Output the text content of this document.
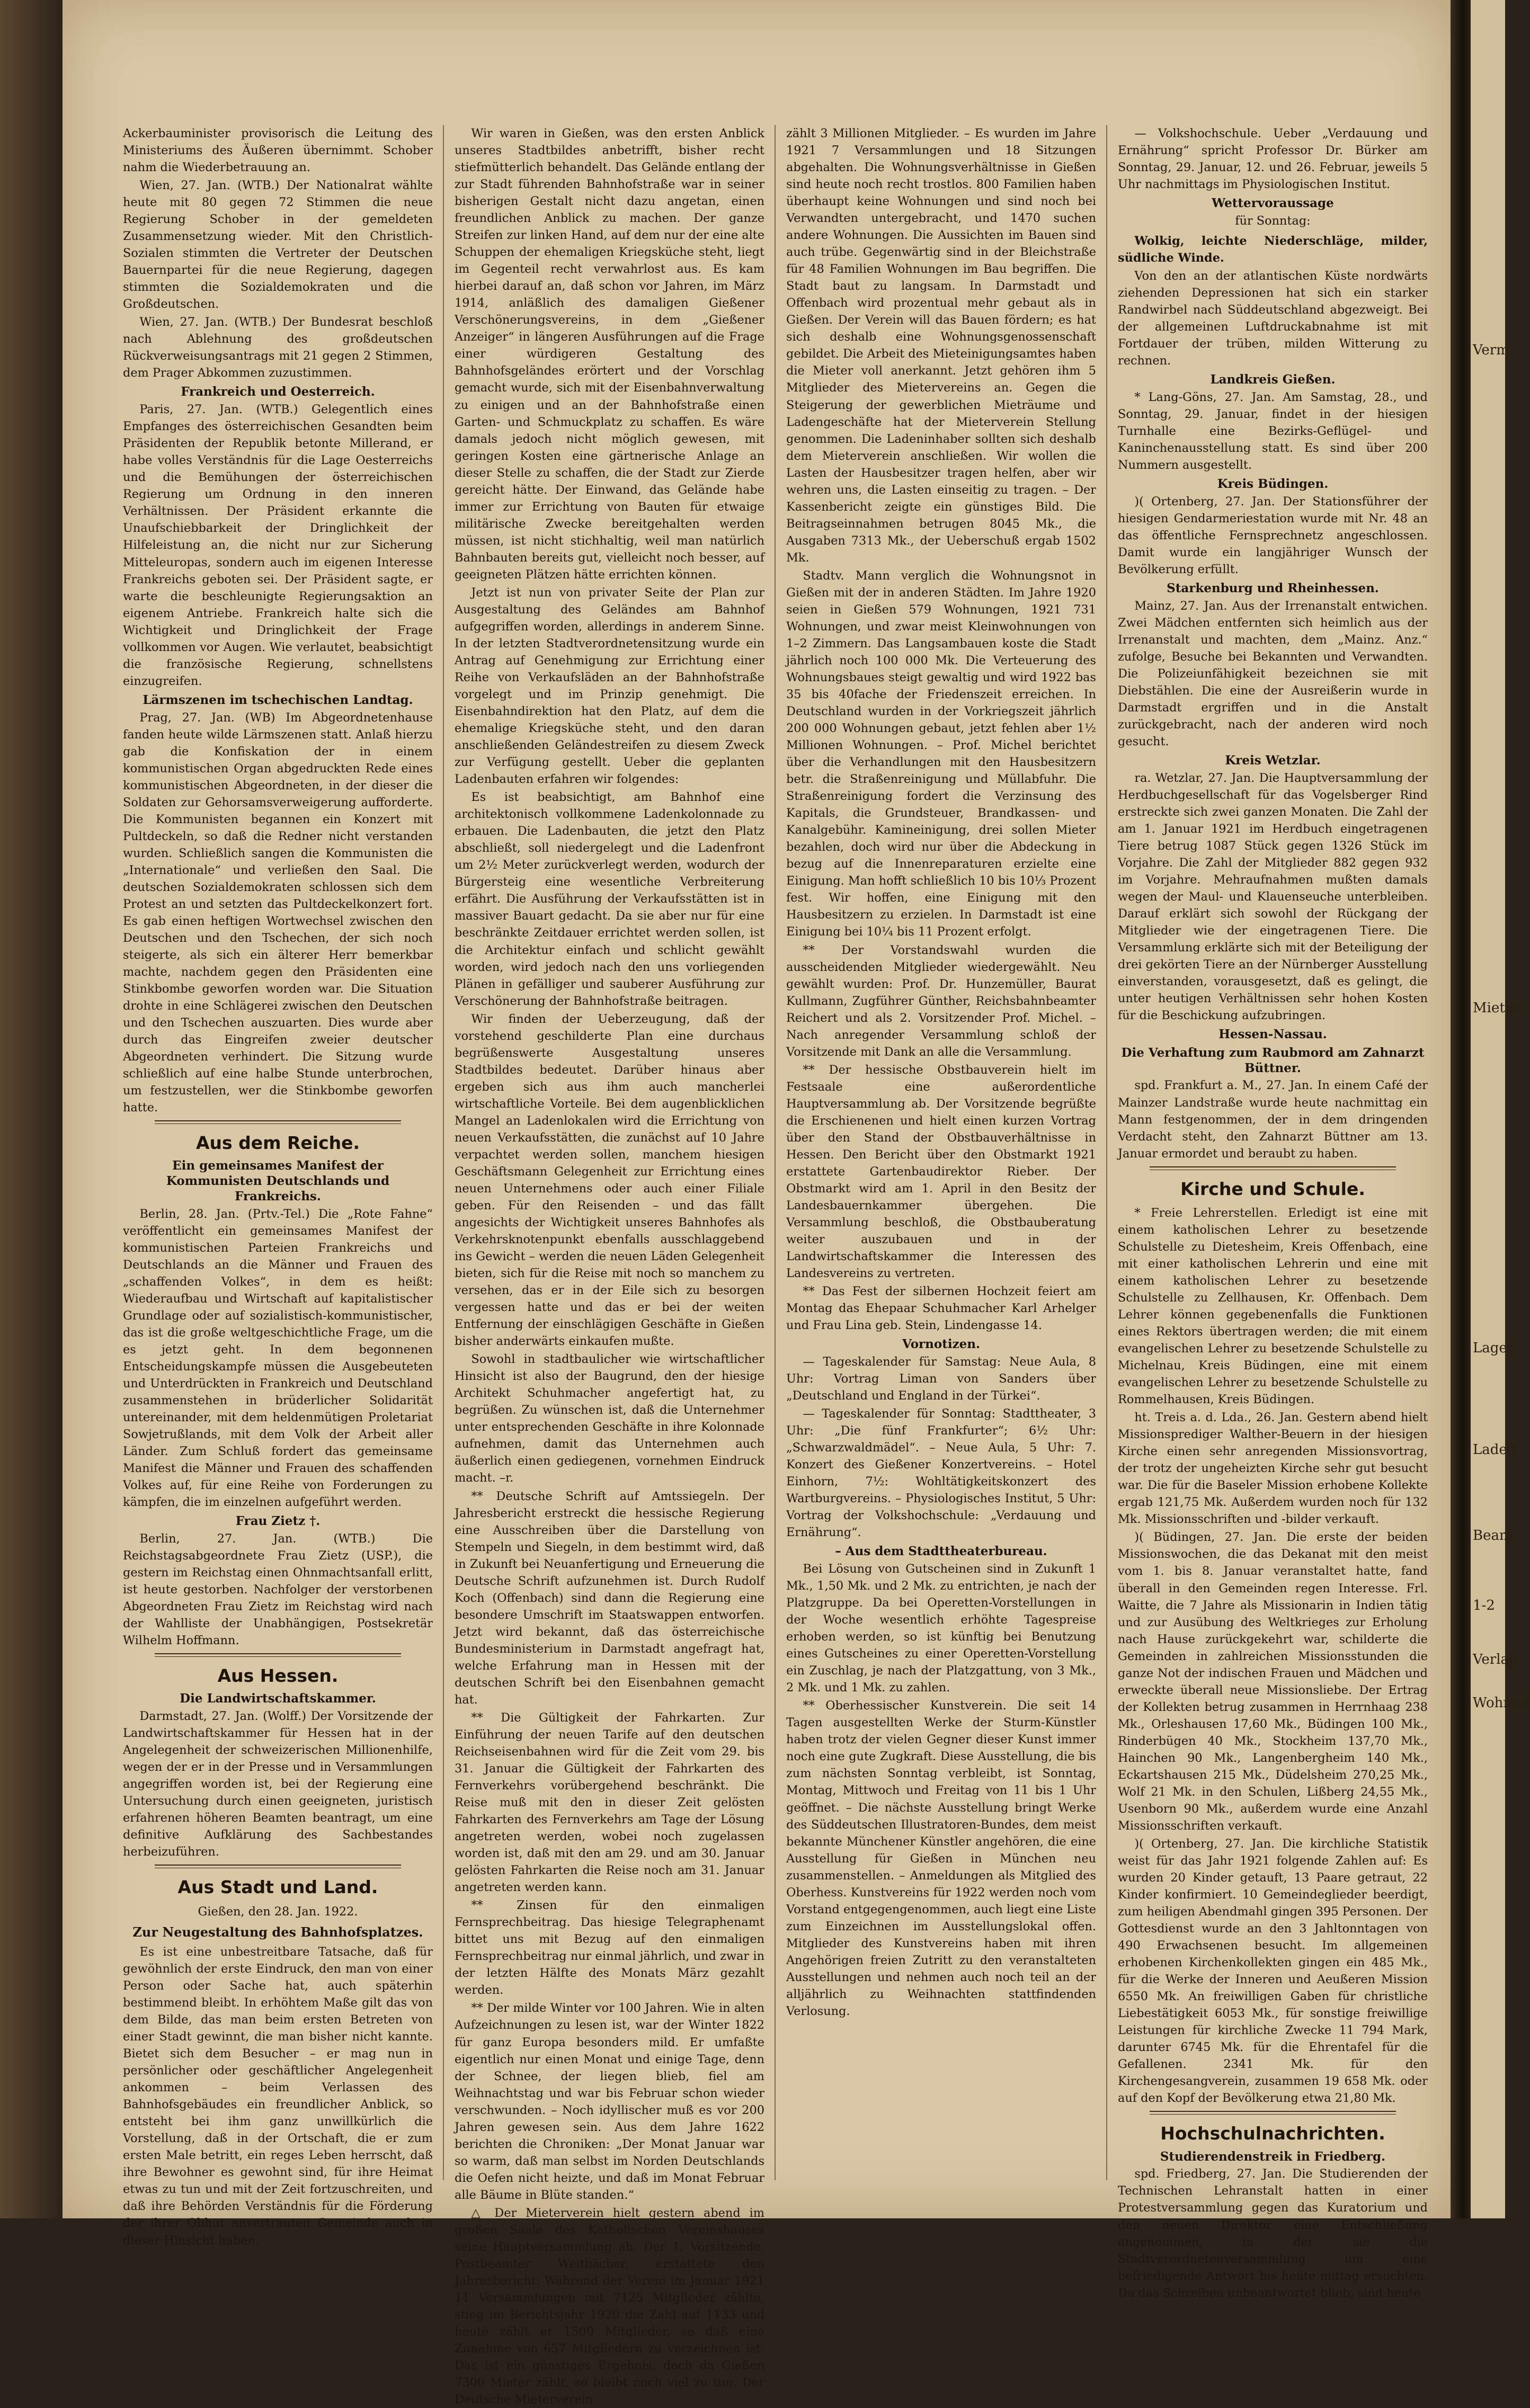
Verm
Mietge
Lager
Laden
Beam
1-2
Verlag
Wohnun

Ackerbauminister provisorisch die Leitung des Ministeriums des Äußeren übernimmt. Schober nahm die Wiederbetrauung an.

Wien, 27. Jan. (WTB.) Der Nationalrat wählte heute mit 80 gegen 72 Stimmen die neue Regierung Schober in der gemeldeten Zusammensetzung wieder. Mit den Christlich-Sozialen stimmten die Vertreter der Deutschen Bauernpartei für die neue Regierung, dagegen stimmten die Sozialdemokraten und die Großdeutschen.

Wien, 27. Jan. (WTB.) Der Bundesrat beschloß nach Ablehnung des großdeutschen Rückverweisungsantrags mit 21 gegen 2 Stimmen, dem Prager Abkommen zuzustimmen.

Frankreich und Oesterreich.

Paris, 27. Jan. (WTB.) Gelegentlich eines Empfanges des österreichischen Gesandten beim Präsidenten der Republik betonte Millerand, er habe volles Verständnis für die Lage Oesterreichs und die Bemühungen der österreichischen Regierung um Ordnung in den inneren Verhältnissen. Der Präsident erkannte die Unaufschiebbarkeit der Dringlichkeit der Hilfeleistung an, die nicht nur zur Sicherung Mitteleuropas, sondern auch im eigenen Interesse Frankreichs geboten sei. Der Präsident sagte, er warte die beschleunigte Regierungsaktion an eigenem Antriebe. Frankreich halte sich die Wichtigkeit und Dringlichkeit der Frage vollkommen vor Augen. Wie verlautet, beabsichtigt die französische Regierung, schnellstens einzugreifen.

Lärmszenen im tschechischen Landtag.

Prag, 27. Jan. (WB) Im Abgeordnetenhause fanden heute wilde Lärmszenen statt. Anlaß hierzu gab die Konfiskation der in einem kommunistischen Organ abgedruckten Rede eines kommunistischen Abgeordneten, in der dieser die Soldaten zur Gehorsamsverweigerung aufforderte. Die Kommunisten begannen ein Konzert mit Pultdeckeln, so daß die Redner nicht verstanden wurden. Schließlich sangen die Kommunisten die „Internationale“ und verließen den Saal. Die deutschen Sozialdemokraten schlossen sich dem Protest an und setzten das Pultdeckelkonzert fort. Es gab einen heftigen Wortwechsel zwischen den Deutschen und den Tschechen, der sich noch steigerte, als sich ein älterer Herr bemerkbar machte, nachdem gegen den Präsidenten eine Stinkbombe geworfen worden war. Die Situation drohte in eine Schlägerei zwischen den Deutschen und den Tschechen auszuarten. Dies wurde aber durch das Eingreifen zweier deutscher Abgeordneten verhindert. Die Sitzung wurde schließlich auf eine halbe Stunde unterbrochen, um festzustellen, wer die Stinkbombe geworfen hatte.

Aus dem Reiche.
Ein gemeinsames Manifest der Kommunisten Deutschlands und Frankreichs.

Berlin, 28. Jan. (Prtv.-Tel.) Die „Rote Fahne“ veröffentlicht ein gemeinsames Manifest der kommunistischen Parteien Frankreichs und Deutschlands an die Männer und Frauen des „schaffenden Volkes“, in dem es heißt: Wiederaufbau und Wirtschaft auf kapitalistischer Grundlage oder auf sozialistisch-kommunistischer, das ist die große weltgeschichtliche Frage, um die es jetzt geht. In dem begonnenen Entscheidungskampfe müssen die Ausgebeuteten und Unterdrückten in Frankreich und Deutschland zusammenstehen in brüderlicher Solidarität untereinander, mit dem heldenmütigen Proletariat Sowjetrußlands, mit dem Volk der Arbeit aller Länder. Zum Schluß fordert das gemeinsame Manifest die Männer und Frauen des schaffenden Volkes auf, für eine Reihe von Forderungen zu kämpfen, die im einzelnen aufgeführt werden.

Frau Zietz †.

Berlin, 27. Jan. (WTB.) Die Reichstagsabgeordnete Frau Zietz (USP.), die gestern im Reichstag einen Ohnmachtsanfall erlitt, ist heute gestorben. Nachfolger der verstorbenen Abgeordneten Frau Zietz im Reichstag wird nach der Wahlliste der Unabhängigen, Postsekretär Wilhelm Hoffmann.

Aus Hessen.
Die Landwirtschaftskammer.

Darmstadt, 27. Jan. (Wolff.) Der Vorsitzende der Landwirtschaftskammer für Hessen hat in der Angelegenheit der schweizerischen Millionenhilfe, wegen der er in der Presse und in Versammlungen angegriffen worden ist, bei der Regierung eine Untersuchung durch einen geeigneten, juristisch erfahrenen höheren Beamten beantragt, um eine definitive Aufklärung des Sachbestandes herbeizuführen.

Aus Stadt und Land.
Gießen, den 28. Jan. 1922.
Zur Neugestaltung des Bahnhofsplatzes.

Es ist eine unbestreitbare Tatsache, daß für gewöhnlich der erste Eindruck, den man von einer Person oder Sache hat, auch späterhin bestimmend bleibt. In erhöhtem Maße gilt das von dem Bilde, das man beim ersten Betreten von einer Stadt gewinnt, die man bisher nicht kannte. Bietet sich dem Besucher – er mag nun in persönlicher oder geschäftlicher Angelegenheit ankommen – beim Verlassen des Bahnhofsgebäudes ein freundlicher Anblick, so entsteht bei ihm ganz unwillkürlich die Vorstellung, daß in der Ortschaft, die er zum ersten Male betritt, ein reges Leben herrscht, daß ihre Bewohner es gewohnt sind, für ihre Heimat etwas zu tun und mit der Zeit fortzuschreiten, und daß ihre Behörden Verständnis für die Förderung der ihrer Obhut anvertrauten Gemeinde auch in dieser Hinsicht haben.

Wir waren in Gießen, was den ersten Anblick unseres Stadtbildes anbetrifft, bisher recht stiefmütterlich behandelt. Das Gelände entlang der zur Stadt führenden Bahnhofstraße war in seiner bisherigen Gestalt nicht dazu angetan, einen freundlichen Anblick zu machen. Der ganze Streifen zur linken Hand, auf dem nur der eine alte Schuppen der ehemaligen Kriegsküche steht, liegt im Gegenteil recht verwahrlost aus. Es kam hierbei darauf an, daß schon vor Jahren, im März 1914, anläßlich des damaligen Gießener Verschönerungsvereins, in dem „Gießener Anzeiger“ in längeren Ausführungen auf die Frage einer würdigeren Gestaltung des Bahnhofsgeländes erörtert und der Vorschlag gemacht wurde, sich mit der Eisenbahnverwaltung zu einigen und an der Bahnhofstraße einen Garten- und Schmuckplatz zu schaffen. Es wäre damals jedoch nicht möglich gewesen, mit geringen Kosten eine gärtnerische Anlage an dieser Stelle zu schaffen, die der Stadt zur Zierde gereicht hätte. Der Einwand, das Gelände habe immer zur Errichtung von Bauten für etwaige militärische Zwecke bereitgehalten werden müssen, ist nicht stichhaltig, weil man natürlich Bahnbauten bereits gut, vielleicht noch besser, auf geeigneten Plätzen hätte errichten können.

Jetzt ist nun von privater Seite der Plan zur Ausgestaltung des Geländes am Bahnhof aufgegriffen worden, allerdings in anderem Sinne. In der letzten Stadtverordnetensitzung wurde ein Antrag auf Genehmigung zur Errichtung einer Reihe von Verkaufsläden an der Bahnhofstraße vorgelegt und im Prinzip genehmigt. Die Eisenbahndirektion hat den Platz, auf dem die ehemalige Kriegsküche steht, und den daran anschließenden Geländestreifen zu diesem Zweck zur Verfügung gestellt. Ueber die geplanten Ladenbauten erfahren wir folgendes:

Es ist beabsichtigt, am Bahnhof eine architektonisch vollkommene Ladenkolonnade zu erbauen. Die Ladenbauten, die jetzt den Platz abschließt, soll niedergelegt und die Ladenfront um 2½ Meter zurückverlegt werden, wodurch der Bürgersteig eine wesentliche Verbreiterung erfährt. Die Ausführung der Verkaufsstätten ist in massiver Bauart gedacht. Da sie aber nur für eine beschränkte Zeitdauer errichtet werden sollen, ist die Architektur einfach und schlicht gewählt worden, wird jedoch nach den uns vorliegenden Plänen in gefälliger und sauberer Ausführung zur Verschönerung der Bahnhofstraße beitragen.

Wir finden der Ueberzeugung, daß der vorstehend geschilderte Plan eine durchaus begrüßenswerte Ausgestaltung unseres Stadtbildes bedeutet. Darüber hinaus aber ergeben sich aus ihm auch mancherlei wirtschaftliche Vorteile. Bei dem augenblicklichen Mangel an Ladenlokalen wird die Errichtung von neuen Verkaufsstätten, die zunächst auf 10 Jahre verpachtet werden sollen, manchem hiesigen Geschäftsmann Gelegenheit zur Errichtung eines neuen Unternehmens oder auch einer Filiale geben. Für den Reisenden – und das fällt angesichts der Wichtigkeit unseres Bahnhofes als Verkehrsknotenpunkt ebenfalls ausschlaggebend ins Gewicht – werden die neuen Läden Gelegenheit bieten, sich für die Reise mit noch so manchem zu versehen, das er in der Eile sich zu besorgen vergessen hatte und das er bei der weiten Entfernung der einschlägigen Geschäfte in Gießen bisher anderwärts einkaufen mußte.

Sowohl in stadtbaulicher wie wirtschaftlicher Hinsicht ist also der Baugrund, den der hiesige Architekt Schuhmacher angefertigt hat, zu begrüßen. Zu wünschen ist, daß die Unternehmer unter entsprechenden Geschäfte in ihre Kolonnade aufnehmen, damit das Unternehmen auch äußerlich einen gediegenen, vornehmen Eindruck macht. –r.

** Deutsche Schrift auf Amtssiegeln. Der Jahresbericht erstreckt die hessische Regierung eine Ausschreiben über die Darstellung von Stempeln und Siegeln, in dem bestimmt wird, daß in Zukunft bei Neuanfertigung und Erneuerung die Deutsche Schrift aufzunehmen ist. Durch Rudolf Koch (Offenbach) sind dann die Regierung eine besondere Umschrift im Staatswappen entworfen. Jetzt wird bekannt, daß das österreichische Bundesministerium in Darmstadt angefragt hat, welche Erfahrung man in Hessen mit der deutschen Schrift bei den Eisenbahnen gemacht hat.

** Die Gültigkeit der Fahrkarten. Zur Einführung der neuen Tarife auf den deutschen Reichseisenbahnen wird für die Zeit vom 29. bis 31. Januar die Gültigkeit der Fahrkarten des Fernverkehrs vorübergehend beschränkt. Die Reise muß mit den in dieser Zeit gelösten Fahrkarten des Fernverkehrs am Tage der Lösung angetreten werden, wobei noch zugelassen worden ist, daß mit den am 29. und am 30. Januar gelösten Fahrkarten die Reise noch am 31. Januar angetreten werden kann.

** Zinsen für den einmaligen Fernsprechbeitrag. Das hiesige Telegraphenamt bittet uns mit Bezug auf den einmaligen Fernsprechbeitrag nur einmal jährlich, und zwar in der letzten Hälfte des Monats März gezahlt werden.

** Der milde Winter vor 100 Jahren. Wie in alten Aufzeichnungen zu lesen ist, war der Winter 1822 für ganz Europa besonders mild. Er umfaßte eigentlich nur einen Monat und einige Tage, denn der Schnee, der liegen blieb, fiel am Weihnachtstag und war bis Februar schon wieder verschwunden. – Noch idyllischer muß es vor 200 Jahren gewesen sein. Aus dem Jahre 1622 berichten die Chroniken: „Der Monat Januar war so warm, daß man selbst im Norden Deutschlands die Oefen nicht heizte, und daß im Monat Februar alle Bäume in Blüte standen.“

△ Der Mieterverein hielt gestern abend im großen Saale des Katholischen Vereinshauses seine Hauptversammlung ab. Der 1. Vorsitzende, Postbeamter Weitbächer, erstattete den Jahresbericht: Während der Verein im Januar 1921 11 Versammlungen mit 7125 Mitglieder zählte, stieg im Berichtsjahr 1920 die Zahl auf 1133 und heute zählt er 1500 Mitglieder, so daß eine Zunahme von 657 Mitgliedern zu verzeichnen ist. Das ist ein günstiges Ergebnis; doch da Gießen 7300 Mieter zählt, so bleibt noch viel zu tun. Der Deutsche Mieterverein

zählt 3 Millionen Mitglieder. – Es wurden im Jahre 1921 7 Versammlungen und 18 Sitzungen abgehalten. Die Wohnungsverhältnisse in Gießen sind heute noch recht trostlos. 800 Familien haben überhaupt keine Wohnungen und sind noch bei Verwandten untergebracht, und 1470 suchen andere Wohnungen. Die Aussichten im Bauen sind auch trübe. Gegenwärtig sind in der Bleichstraße für 48 Familien Wohnungen im Bau begriffen. Die Stadt baut zu langsam. In Darmstadt und Offenbach wird prozentual mehr gebaut als in Gießen. Der Verein will das Bauen fördern; es hat sich deshalb eine Wohnungsgenossenschaft gebildet. Die Arbeit des Mieteinigungsamtes haben die Mieter voll anerkannt. Jetzt gehören ihm 5 Mitglieder des Mietervereins an. Gegen die Steigerung der gewerblichen Mieträume und Ladengeschäfte hat der Mieterverein Stellung genommen. Die Ladeninhaber sollten sich deshalb dem Mieterverein anschließen. Wir wollen die Lasten der Hausbesitzer tragen helfen, aber wir wehren uns, die Lasten einseitig zu tragen. – Der Kassenbericht zeigte ein günstiges Bild. Die Beitragseinnahmen betrugen 8045 Mk., die Ausgaben 7313 Mk., der Ueberschuß ergab 1502 Mk.

Stadtv. Mann verglich die Wohnungsnot in Gießen mit der in anderen Städten. Im Jahre 1920 seien in Gießen 579 Wohnungen, 1921 731 Wohnungen, und zwar meist Kleinwohnungen von 1–2 Zimmern. Das Langsambauen koste die Stadt jährlich noch 100 000 Mk. Die Verteuerung des Wohnungsbaues steigt gewaltig und wird 1922 bas 35 bis 40fache der Friedenszeit erreichen. In Deutschland wurden in der Vorkriegszeit jährlich 200 000 Wohnungen gebaut, jetzt fehlen aber 1½ Millionen Wohnungen. – Prof. Michel berichtet über die Verhandlungen mit den Hausbesitzern betr. die Straßenreinigung und Müllabfuhr. Die Straßenreinigung fordert die Verzinsung des Kapitals, die Grundsteuer, Brandkassen- und Kanalgebühr. Kamineinigung, drei sollen Mieter bezahlen, doch wird nur über die Abdeckung in bezug auf die Innenreparaturen erzielte eine Einigung. Man hofft schließlich 10 bis 10⅓ Prozent fest. Wir hoffen, eine Einigung mit den Hausbesitzern zu erzielen. In Darmstadt ist eine Einigung bei 10¼ bis 11 Prozent erfolgt.

** Der Vorstandswahl wurden die ausscheidenden Mitglieder wiedergewählt. Neu gewählt wurden: Prof. Dr. Hunzemüller, Baurat Kullmann, Zugführer Günther, Reichsbahnbeamter Reichert und als 2. Vorsitzender Prof. Michel. – Nach anregender Versammlung schloß der Vorsitzende mit Dank an alle die Versammlung.

** Der hessische Obstbauverein hielt im Festsaale eine außerordentliche Hauptversammlung ab. Der Vorsitzende begrüßte die Erschienenen und hielt einen kurzen Vortrag über den Stand der Obstbauverhältnisse in Hessen. Den Bericht über den Obstmarkt 1921 erstattete Gartenbaudirektor Rieber. Der Obstmarkt wird am 1. April in den Besitz der Landesbauernkammer übergehen. Die Versammlung beschloß, die Obstbauberatung weiter auszubauen und in der Landwirtschaftskammer die Interessen des Landesvereins zu vertreten.

** Das Fest der silbernen Hochzeit feiert am Montag das Ehepaar Schuhmacher Karl Arhelger und Frau Lina geb. Stein, Lindengasse 14.

Vornotizen.

— Tageskalender für Samstag: Neue Aula, 8 Uhr: Vortrag Liman von Sanders über „Deutschland und England in der Türkei“.

— Tageskalender für Sonntag: Stadttheater, 3 Uhr: „Die fünf Frankfurter“; 6½ Uhr: „Schwarzwaldmädel“. – Neue Aula, 5 Uhr: 7. Konzert des Gießener Konzertvereins. – Hotel Einhorn, 7½: Wohltätigkeitskonzert des Wartburgvereins. – Physiologisches Institut, 5 Uhr: Vortrag der Volkshochschule: „Verdauung und Ernährung“.

– Aus dem Stadttheaterbureau.

Bei Lösung von Gutscheinen sind in Zukunft 1 Mk., 1,50 Mk. und 2 Mk. zu entrichten, je nach der Platzgruppe. Da bei Operetten-Vorstellungen in der Woche wesentlich erhöhte Tagespreise erhoben werden, so ist künftig bei Benutzung eines Gutscheines zu einer Operetten-Vorstellung ein Zuschlag, je nach der Platzgattung, von 3 Mk., 2 Mk. und 1 Mk. zu zahlen.

** Oberhessischer Kunstverein. Die seit 14 Tagen ausgestellten Werke der Sturm-Künstler haben trotz der vielen Gegner dieser Kunst immer noch eine gute Zugkraft. Diese Ausstellung, die bis zum nächsten Sonntag verbleibt, ist Sonntag, Montag, Mittwoch und Freitag von 11 bis 1 Uhr geöffnet. – Die nächste Ausstellung bringt Werke des Süddeutschen Illustratoren-Bundes, dem meist bekannte Münchener Künstler angehören, die eine Ausstellung für Gießen in München neu zusammenstellen. – Anmeldungen als Mitglied des Oberhess. Kunstvereins für 1922 werden noch vom Vorstand entgegengenommen, auch liegt eine Liste zum Einzeichnen im Ausstellungslokal offen. Mitglieder des Kunstvereins haben mit ihren Angehörigen freien Zutritt zu den veranstalteten Ausstellungen und nehmen auch noch teil an der alljährlich zu Weihnachten stattfindenden Verlosung.

— Volkshochschule. Ueber „Verdauung und Ernährung“ spricht Professor Dr. Bürker am Sonntag, 29. Januar, 12. und 26. Februar, jeweils 5 Uhr nachmittags im Physiologischen Institut.

Wettervoraussage
für Sonntag:

Wolkig, leichte Niederschläge, milder, südliche Winde.

Von den an der atlantischen Küste nordwärts ziehenden Depressionen hat sich ein starker Randwirbel nach Süddeutschland abgezweigt. Bei der allgemeinen Luftdruckabnahme ist mit Fortdauer der trüben, milden Witterung zu rechnen.

Landkreis Gießen.

* Lang-Göns, 27. Jan. Am Samstag, 28., und Sonntag, 29. Januar, findet in der hiesigen Turnhalle eine Bezirks-Geflügel- und Kaninchenausstellung statt. Es sind über 200 Nummern ausgestellt.

Kreis Büdingen.

)( Ortenberg, 27. Jan. Der Stationsführer der hiesigen Gendarmeriestation wurde mit Nr. 48 an das öffentliche Fernsprechnetz angeschlossen. Damit wurde ein langjähriger Wunsch der Bevölkerung erfüllt.

Starkenburg und Rheinhessen.

Mainz, 27. Jan. Aus der Irrenanstalt entwichen. Zwei Mädchen entfernten sich heimlich aus der Irrenanstalt und machten, dem „Mainz. Anz.“ zufolge, Besuche bei Bekannten und Verwandten. Die Polizeiunfähigkeit bezeichnen sie mit Diebstählen. Die eine der Ausreißerin wurde in Darmstadt ergriffen und in die Anstalt zurückgebracht, nach der anderen wird noch gesucht.

Kreis Wetzlar.

ra. Wetzlar, 27. Jan. Die Hauptversammlung der Herdbuchgesellschaft für das Vogelsberger Rind erstreckte sich zwei ganzen Monaten. Die Zahl der am 1. Januar 1921 im Herdbuch eingetragenen Tiere betrug 1087 Stück gegen 1326 Stück im Vorjahre. Die Zahl der Mitglieder 882 gegen 932 im Vorjahre. Mehraufnahmen mußten damals wegen der Maul- und Klauenseuche unterbleiben. Darauf erklärt sich sowohl der Rückgang der Mitglieder wie der eingetragenen Tiere. Die Versammlung erklärte sich mit der Beteiligung der drei gekörten Tiere an der Nürnberger Ausstellung einverstanden, vorausgesetzt, daß es gelingt, die unter heutigen Verhältnissen sehr hohen Kosten für die Beschickung aufzubringen.

Hessen-Nassau.
Die Verhaftung zum Raubmord am Zahnarzt Büttner.

spd. Frankfurt a. M., 27. Jan. In einem Café der Mainzer Landstraße wurde heute nachmittag ein Mann festgenommen, der in dem dringenden Verdacht steht, den Zahnarzt Büttner am 13. Januar ermordet und beraubt zu haben.

Kirche und Schule.

* Freie Lehrerstellen. Erledigt ist eine mit einem katholischen Lehrer zu besetzende Schulstelle zu Dietesheim, Kreis Offenbach, eine mit einer katholischen Lehrerin und eine mit einem katholischen Lehrer zu besetzende Schulstelle zu Zellhausen, Kr. Offenbach. Dem Lehrer können gegebenenfalls die Funktionen eines Rektors übertragen werden; die mit einem evangelischen Lehrer zu besetzende Schulstelle zu Michelnau, Kreis Büdingen, eine mit einem evangelischen Lehrer zu besetzende Schulstelle zu Rommelhausen, Kreis Büdingen.

ht. Treis a. d. Lda., 26. Jan. Gestern abend hielt Missionsprediger Walther-Beuern in der hiesigen Kirche einen sehr anregenden Missionsvortrag, der trotz der ungeheizten Kirche sehr gut besucht war. Die für die Baseler Mission erhobene Kollekte ergab 121,75 Mk. Außerdem wurden noch für 132 Mk. Missionsschriften und -bilder verkauft.

)( Büdingen, 27. Jan. Die erste der beiden Missionswochen, die das Dekanat mit den meist vom 1. bis 8. Januar veranstaltet hatte, fand überall in den Gemeinden regen Interesse. Frl. Waitte, die 7 Jahre als Missionarin in Indien tätig und zur Ausübung des Weltkrieges zur Erholung nach Hause zurückgekehrt war, schilderte die Gemeinden in zahlreichen Missionsstunden die ganze Not der indischen Frauen und Mädchen und erweckte überall neue Missionsliebe. Der Ertrag der Kollekten betrug zusammen in Herrnhaag 238 Mk., Orleshausen 17,60 Mk., Büdingen 100 Mk., Rinderbügen 40 Mk., Stockheim 137,70 Mk., Hainchen 90 Mk., Langenbergheim 140 Mk., Eckartshausen 215 Mk., Düdelsheim 270,25 Mk., Wolf 21 Mk. in den Schulen, Lißberg 24,55 Mk., Usenborn 90 Mk., außerdem wurde eine Anzahl Missionsschriften verkauft.

)( Ortenberg, 27. Jan. Die kirchliche Statistik weist für das Jahr 1921 folgende Zahlen auf: Es wurden 20 Kinder getauft, 13 Paare getraut, 22 Kinder konfirmiert. 10 Gemeindeglieder beerdigt, zum heiligen Abendmahl gingen 395 Personen. Der Gottesdienst wurde an den 3 Jahltonntagen von 490 Erwachsenen besucht. Im allgemeinen erhobenen Kirchenkollekten gingen ein 485 Mk., für die Werke der Inneren und Aeußeren Mission 6550 Mk. An freiwilligen Gaben für christliche Liebestätigkeit 6053 Mk., für sonstige freiwillige Leistungen für kirchliche Zwecke 11 794 Mark, darunter 6745 Mk. für die Ehrentafel für die Gefallenen. 2341 Mk. für den Kirchengesangverein, zusammen 19 658 Mk. oder auf den Kopf der Bevölkerung etwa 21,80 Mk.

Hochschulnachrichten.
Studierendenstreik in Friedberg.

spd. Friedberg, 27. Jan. Die Studierenden der Technischen Lehranstalt hatten in einer Protestversammlung gegen das Kuratorium und den neuen Direktor eine Entschließung angenommen, in der sie die Stadtverordnetenversammlung um eine befriedigende Antwort bis heute mittag ersuchten. Da das Schreiben unbeantwortet blieb, sind heute
